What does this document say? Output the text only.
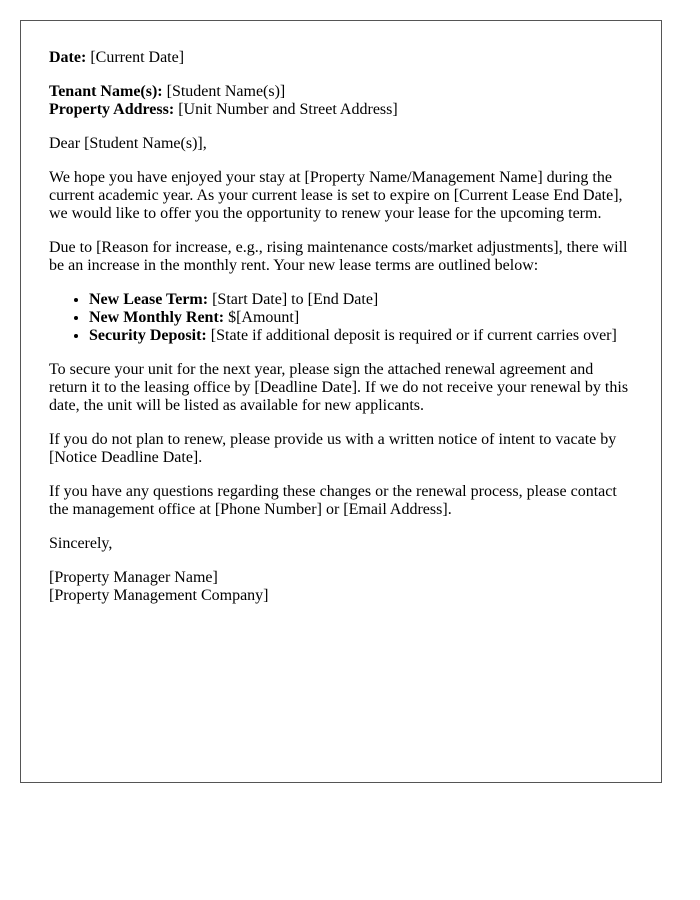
Date: [Current Date]

Tenant Name(s): [Student Name(s)]
Property Address: [Unit Number and Street Address]

Dear [Student Name(s)],

We hope you have enjoyed your stay at [Property Name/Management Name] during the current academic year. As your current lease is set to expire on [Current Lease End Date], we would like to offer you the opportunity to renew your lease for the upcoming term.

Due to [Reason for increase, e.g., rising maintenance costs/market adjustments], there will be an increase in the monthly rent. Your new lease terms are outlined below:

• New Lease Term: [Start Date] to [End Date]
• New Monthly Rent: $[Amount]
• Security Deposit: [State if additional deposit is required or if current carries over]

To secure your unit for the next year, please sign the attached renewal agreement and return it to the leasing office by [Deadline Date]. If we do not receive your renewal by this date, the unit will be listed as available for new applicants.

If you do not plan to renew, please provide us with a written notice of intent to vacate by [Notice Deadline Date].

If you have any questions regarding these changes or the renewal process, please contact the management office at [Phone Number] or [Email Address].

Sincerely,

[Property Manager Name]
[Property Management Company]
